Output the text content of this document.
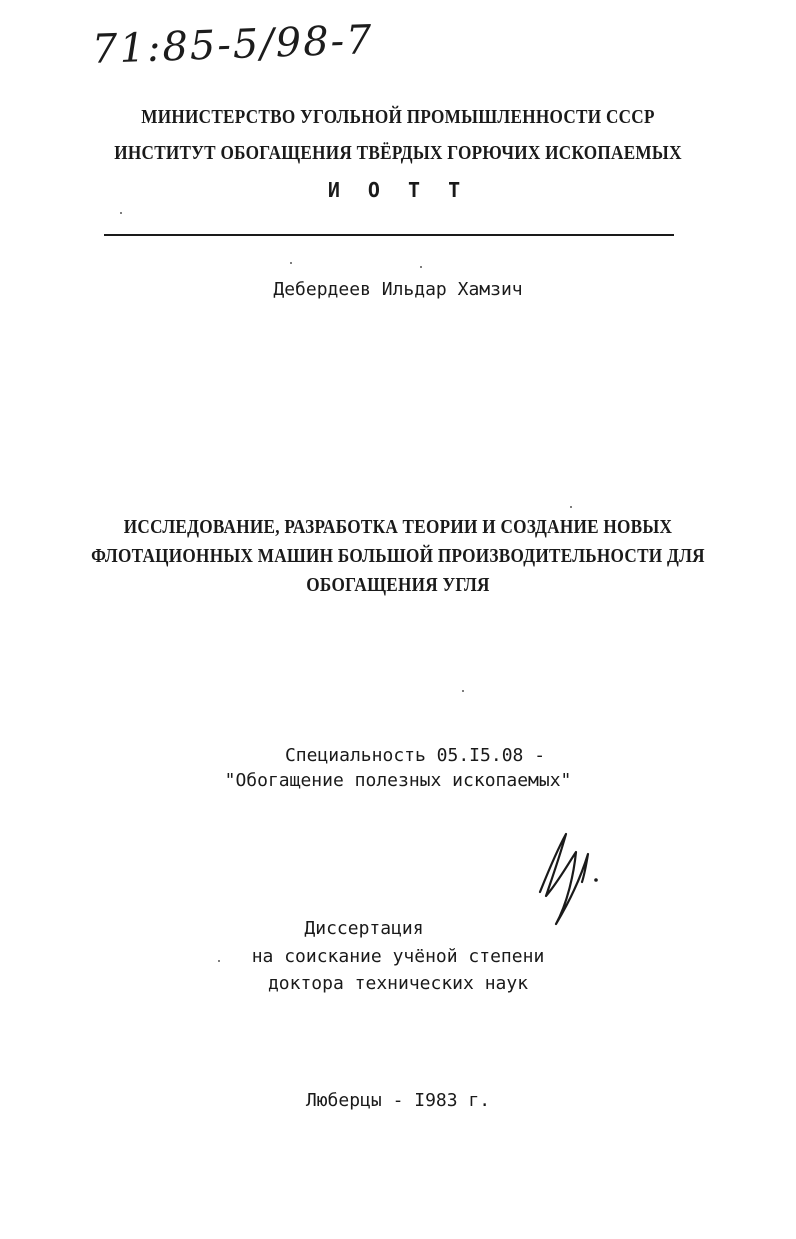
71:85-5/98-7
МИНИСТЕРСТВО УГОЛЬНОЙ ПРОМЫШЛЕННОСТИ СССР
ИНСТИТУТ ОБОГАЩЕНИЯ ТВЁРДЫХ ГОРЮЧИХ ИСКОПАЕМЫХ
И О Т Т
Дебердеев Ильдар Хамзич
ИССЛЕДОВАНИЕ, РАЗРАБОТКА ТЕОРИИ И СОЗДАНИЕ НОВЫХ
ФЛОТАЦИОННЫХ МАШИН БОЛЬШОЙ ПРОИЗВОДИТЕЛЬНОСТИ ДЛЯ
ОБОГАЩЕНИЯ УГЛЯ
Специальность 05.I5.08 -
"Обогащение полезных ископаемых"
Диссертация
на соискание учёной степени
доктора технических наук
Люберцы - I983 г.
